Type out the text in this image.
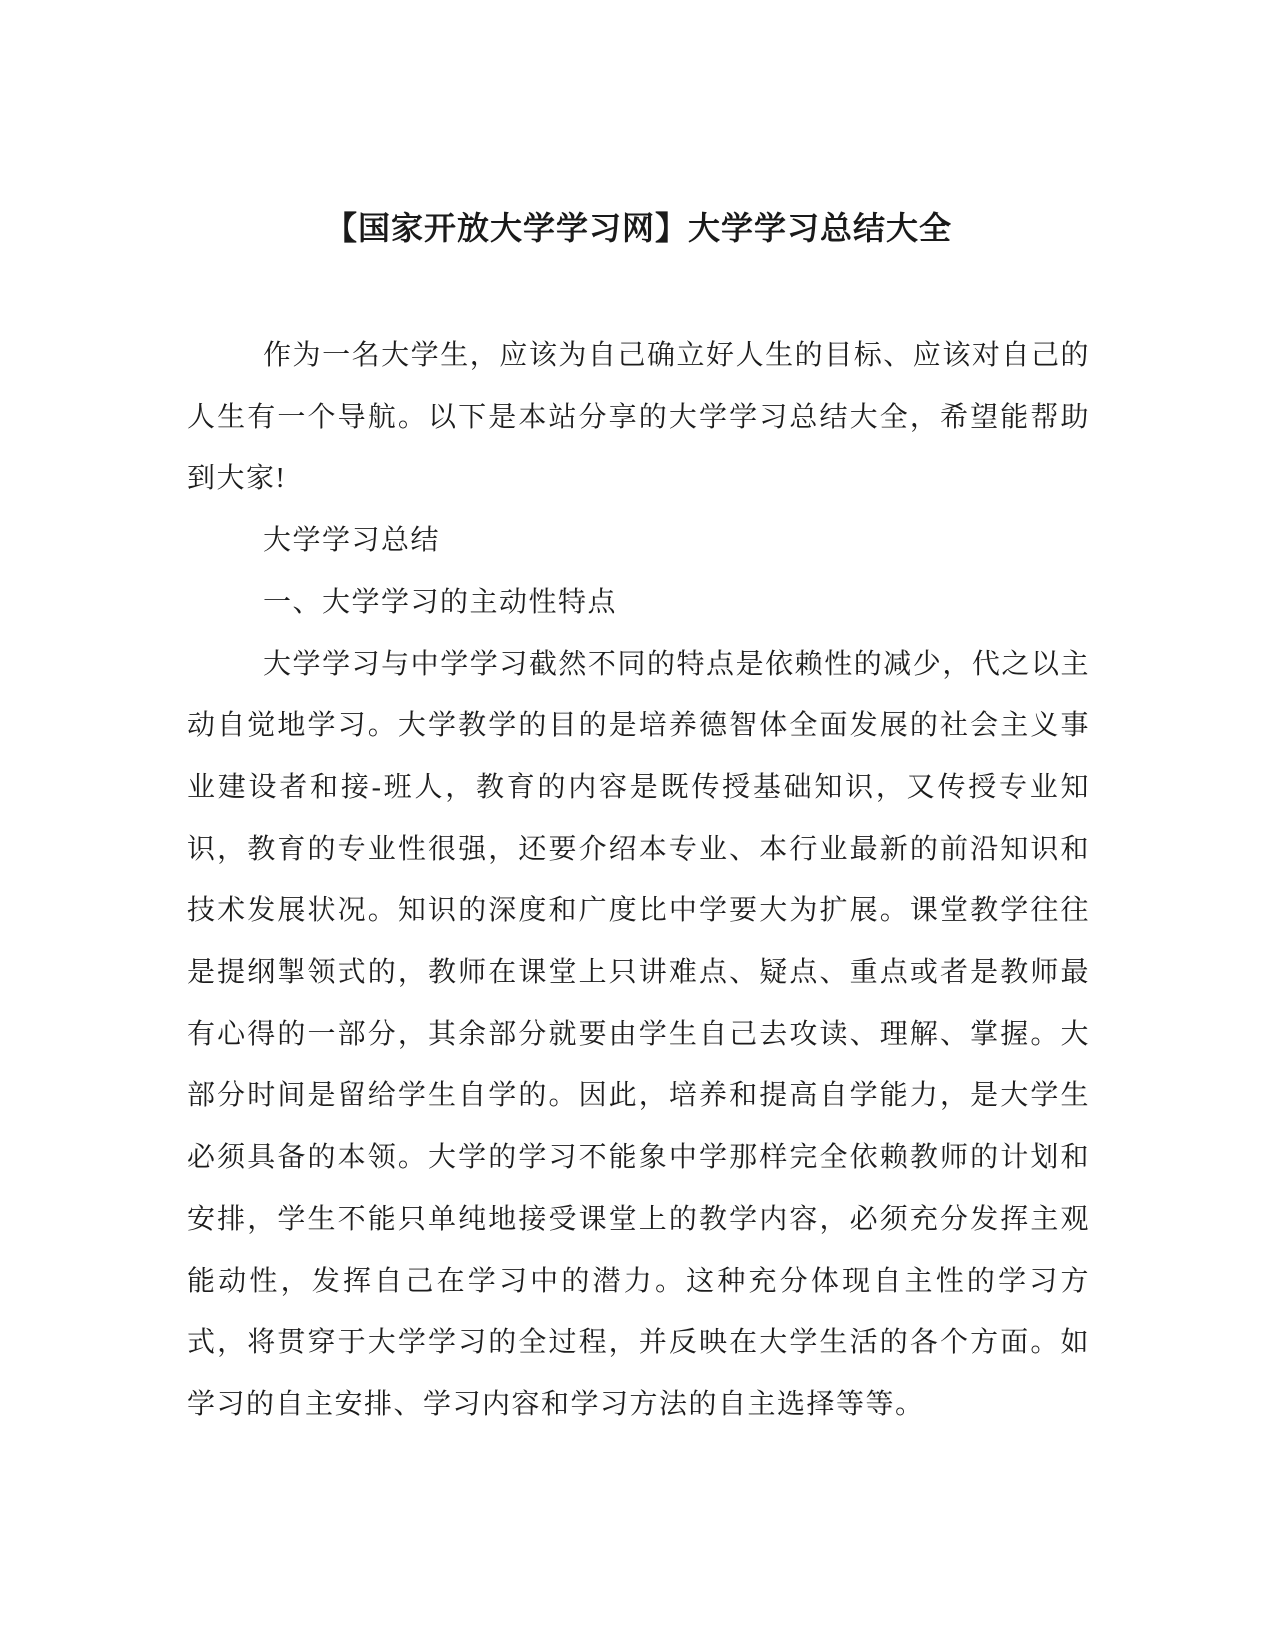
【国家开放大学学习网】大学学习总结大全

作为一名大学生，应该为自己确立好人生的目标、应该对自己的人生有一个导航。以下是本站分享的大学学习总结大全，希望能帮助到大家!

大学学习总结

一、大学学习的主动性特点

大学学习与中学学习截然不同的特点是依赖性的减少，代之以主动自觉地学习。大学教学的目的是培养德智体全面发展的社会主义事业建设者和接-班人，教育的内容是既传授基础知识，又传授专业知识，教育的专业性很强，还要介绍本专业、本行业最新的前沿知识和技术发展状况。知识的深度和广度比中学要大为扩展。课堂教学往往是提纲掣领式的，教师在课堂上只讲难点、疑点、重点或者是教师最有心得的一部分，其余部分就要由学生自己去攻读、理解、掌握。大部分时间是留给学生自学的。因此，培养和提高自学能力，是大学生必须具备的本领。大学的学习不能象中学那样完全依赖教师的计划和安排，学生不能只单纯地接受课堂上的教学内容，必须充分发挥主观能动性，发挥自己在学习中的潜力。这种充分体现自主性的学习方式，将贯穿于大学学习的全过程，并反映在大学生活的各个方面。如学习的自主安排、学习内容和学习方法的自主选择等等。
